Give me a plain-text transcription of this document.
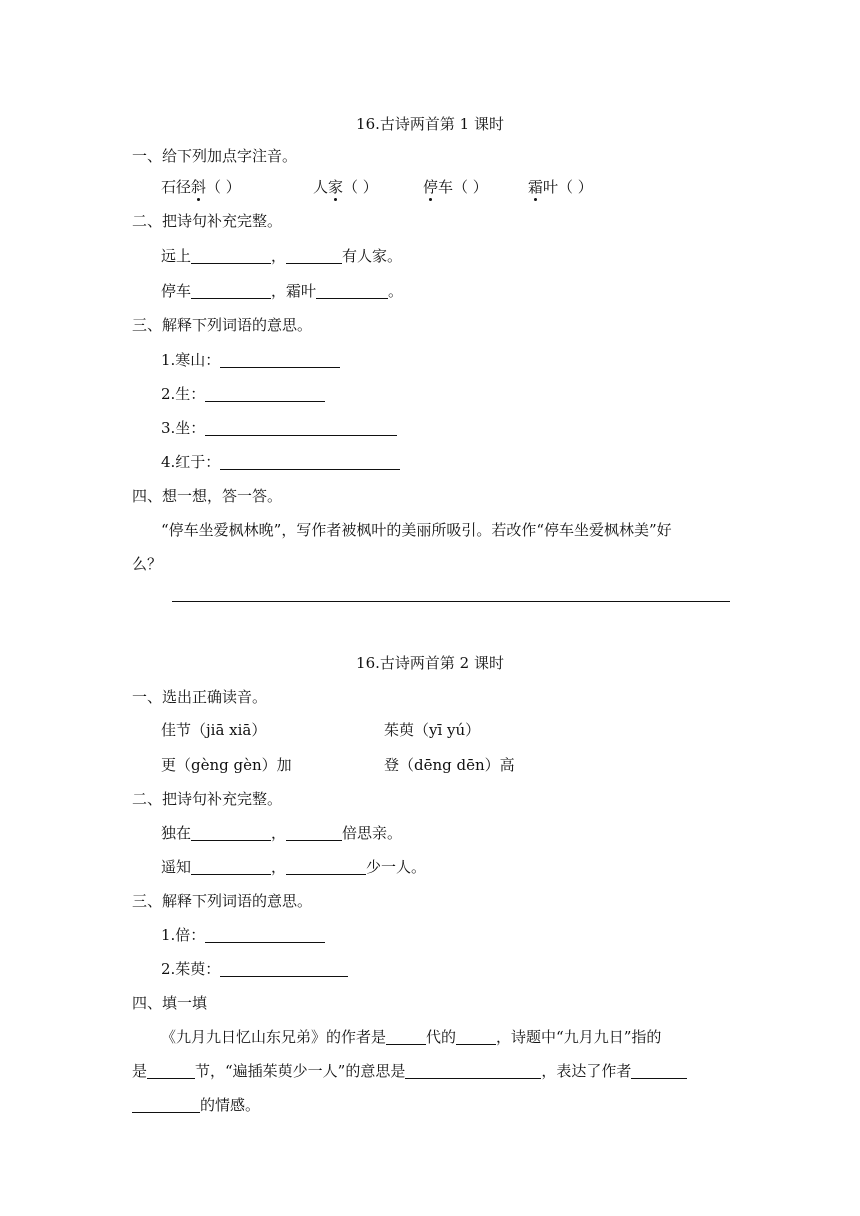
16.古诗两首第 1 课时
一、给下列加点字注音。
石径斜（ ）	人家（ ）	停车（ ）	霜叶（ ）
二、把诗句补充完整。
远上	，	有人家。
停车	，霜叶	。
三、解释下列词语的意思。
1.寒山：
2.生：
3.坐：
4.红于：
四、想一想，答一答。
“停车坐爱枫林晚”，写作者被枫叶的美丽所吸引。若改作“停车坐爱枫林美”好
么？
16.古诗两首第 2 课时
一、选出正确读音。
佳节（jiā xiā）	茱萸（yī yú）
更（gèng gèn）加	登（dēng dēn）高
二、把诗句补充完整。
独在	，	倍思亲。
遥知	，	少一人。
三、解释下列词语的意思。
1.倍：
2.茱萸：
四、填一填
《九月九日忆山东兄弟》的作者是	代的	，诗题中“九月九日”指的
是	节，“遍插茱萸少一人”的意思是	，表达了作者
的情感。
